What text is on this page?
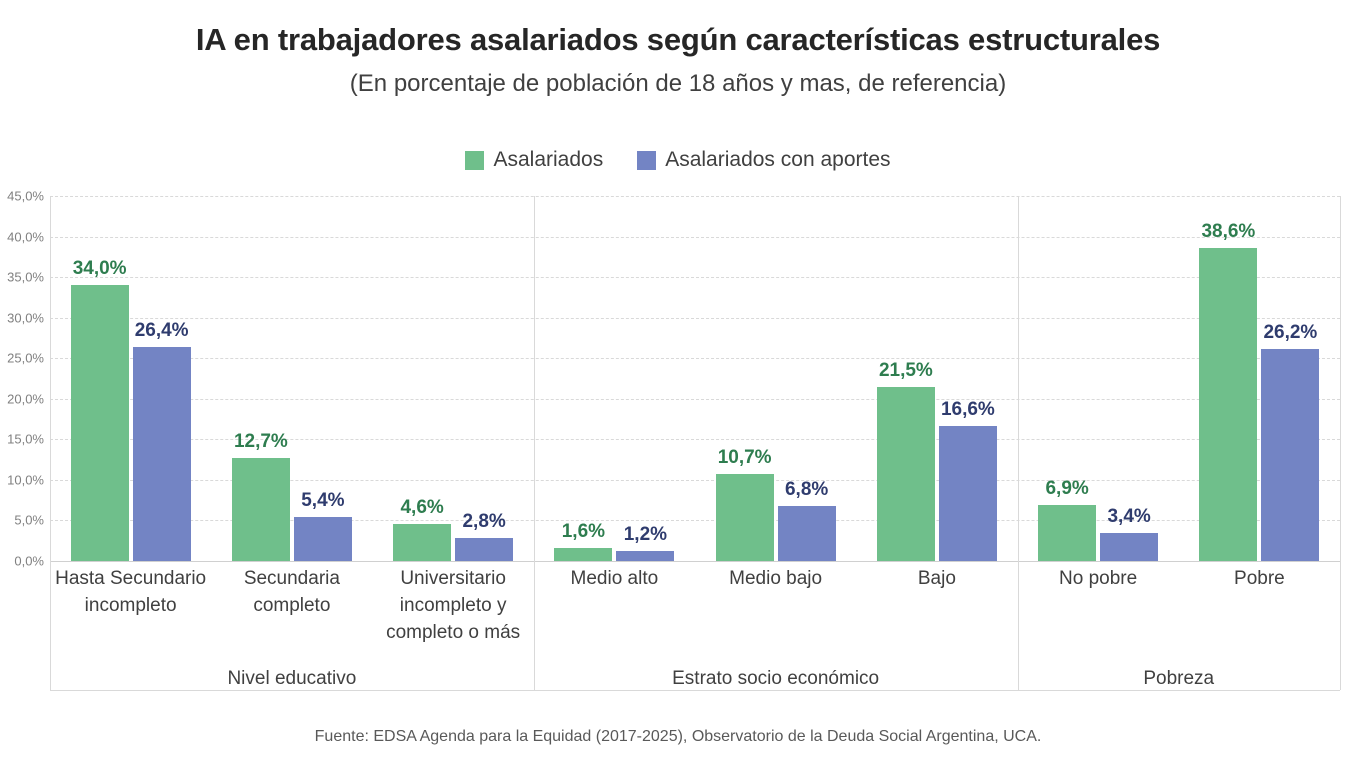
IA en trabajadores asalariados según características estructurales
(En porcentaje de población de 18 años y mas, de referencia)
Asalariados	Asalariados con aportes
0,0%
5,0%
10,0%
15,0%
20,0%
25,0%
30,0%
35,0%
40,0%
45,0%
34,0%
26,4%
12,7%
5,4%	4,6%
2,8%	1,6% 1,2%
10,7%
6,8%
21,5%
16,6%
6,9%
3,4%
38,6%
26,2%
Hasta Secundario
incompleto
Secundaria
completo
Universitario
incompleto y
completo o más
Medio alto	Medio bajo	Bajo	No pobre	Pobre
Nivel educativo	Estrato socio económico	Pobreza
Fuente: EDSA Agenda para la Equidad (2017-2025), Observatorio de la Deuda Social Argentina, UCA.
